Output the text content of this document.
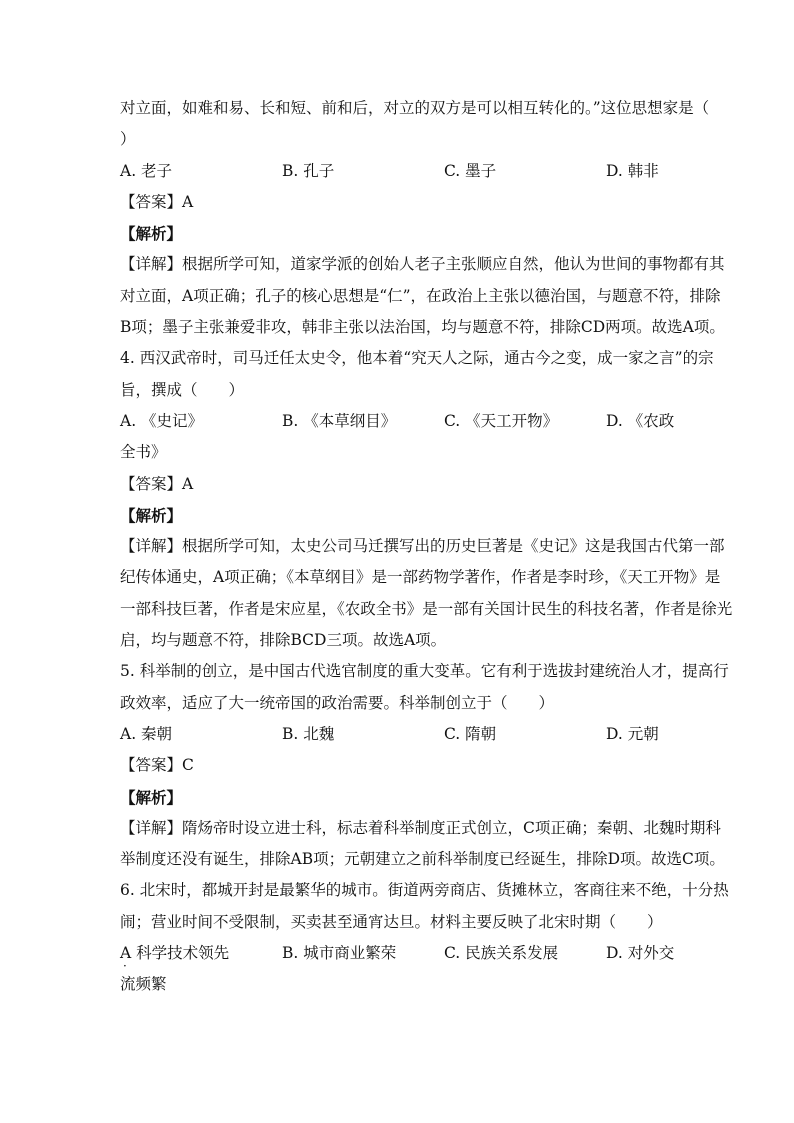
对立面，如难和易、长和短、前和后，对立的双方是可以相互转化的。”这位思想家是（
）
A. 老子	B. 孔子	C. 墨子	D. 韩非
【答案】A
【解析】
【详解】根据所学可知，道家学派的创始人老子主张顺应自然，他认为世间的事物都有其
对立面，A项正确；孔子的核心思想是“仁”，在政治上主张以德治国，与题意不符，排除
B项；墨子主张兼爱非攻，韩非主张以法治国，均与题意不符，排除CD两项。故选A项。
4. 西汉武帝时，司马迁任太史令，他本着“究天人之际，通古今之变，成一家之言”的宗
旨，撰成（　　）
A. 《史记》	B. 《本草纲目》	C. 《天工开物》	D. 《农政
全书》
【答案】A
【解析】
【详解】根据所学可知，太史公司马迁撰写出的历史巨著是《史记》这是我国古代第一部
纪传体通史，A项正确；《本草纲目》是一部药物学著作，作者是李时珍，《天工开物》是
一部科技巨著，作者是宋应星，《农政全书》是一部有关国计民生的科技名著，作者是徐光
启，均与题意不符，排除BCD三项。故选A项。
5. 科举制的创立，是中国古代选官制度的重大变革。它有利于选拔封建统治人才，提高行
政效率，适应了大一统帝国的政治需要。科举制创立于（　　）
A. 秦朝	B. 北魏	C. 隋朝	D. 元朝
【答案】C
【解析】
【详解】隋炀帝时设立进士科，标志着科举制度正式创立，C项正确；秦朝、北魏时期科
举制度还没有诞生，排除AB项；元朝建立之前科举制度已经诞生，排除D项。故选C项。
6. 北宋时，都城开封是最繁华的城市。街道两旁商店、货摊林立，客商往来不绝，十分热
闹；营业时间不受限制，买卖甚至通宵达旦。材料主要反映了北宋时期（　　）
A 科学技术领先
·
B. 城市商业繁荣	C. 民族关系发展	D. 对外交
流频繁
